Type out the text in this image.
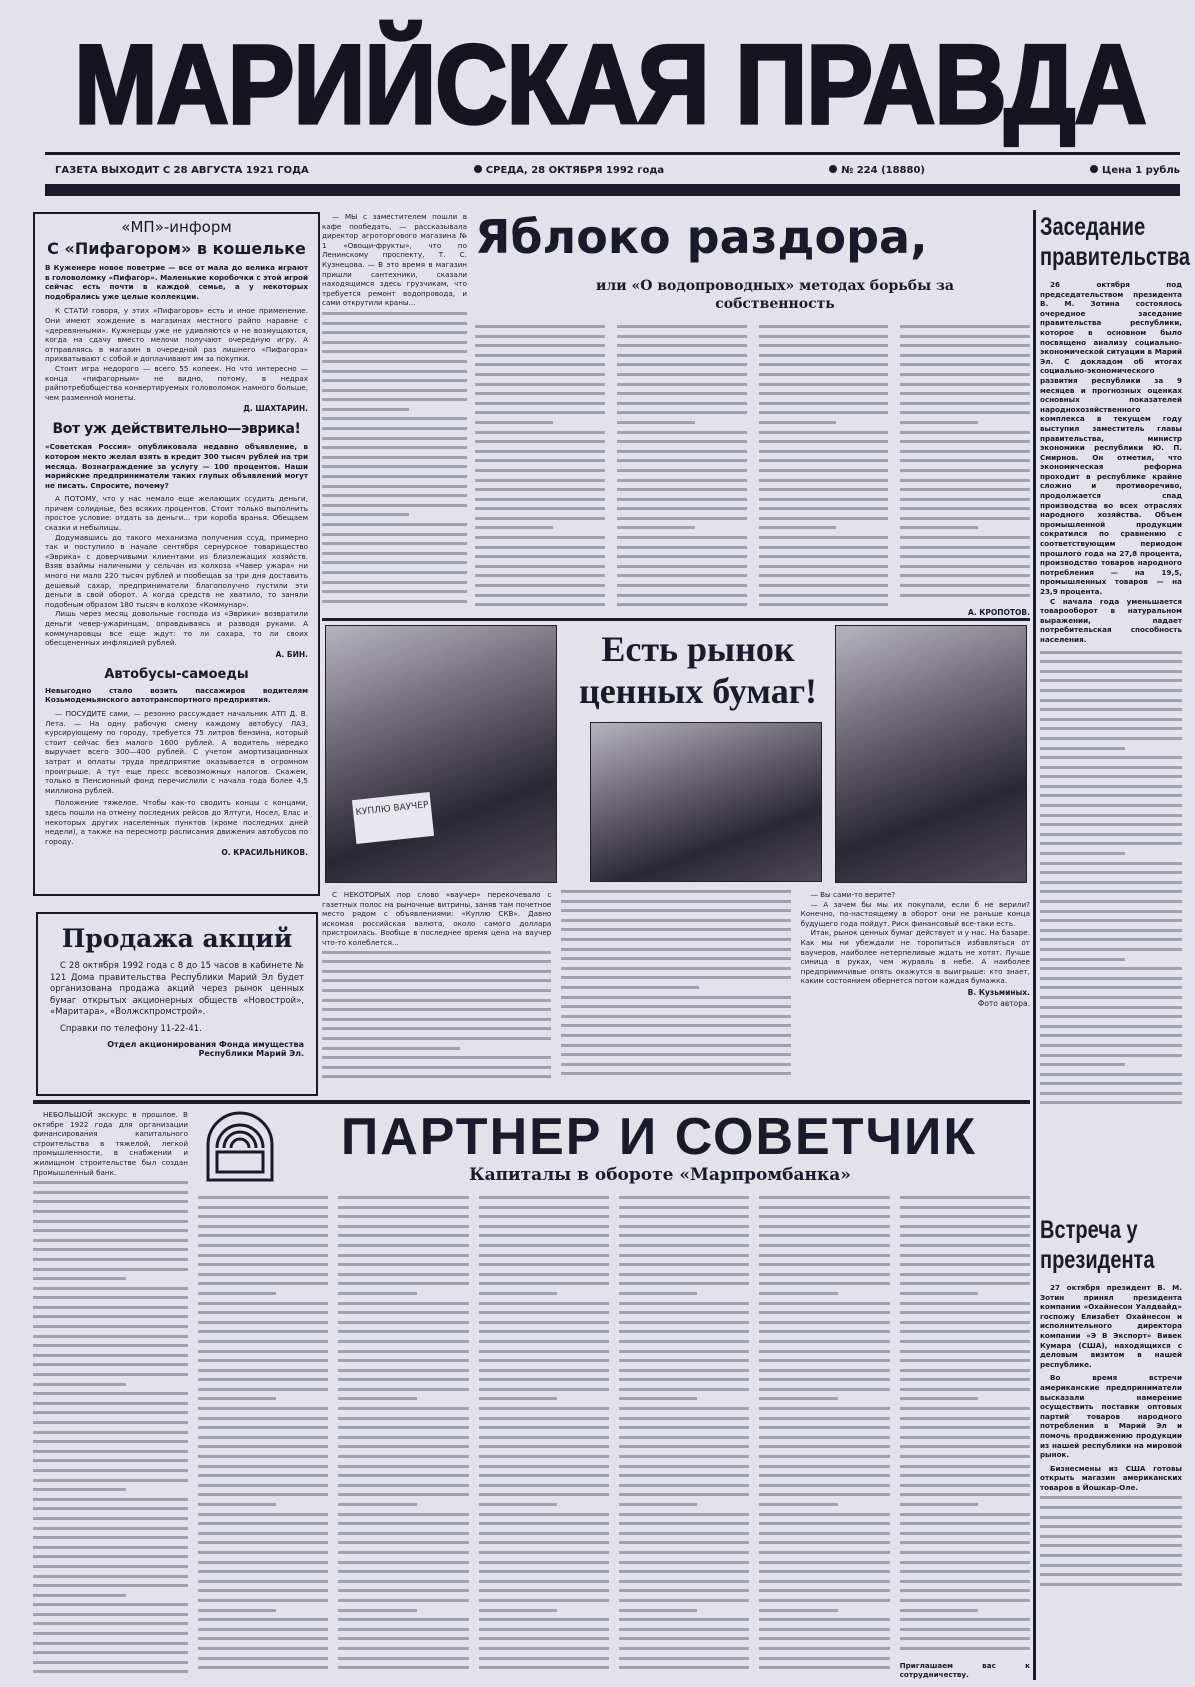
МАРИЙСКАЯ ПРАВДА
ГАЗЕТА ВЫХОДИТ С 28 АВГУСТА 1921 ГОДА	СРЕДА, 28 ОКТЯБРЯ 1992 года	№ 224 (18880)	Цена 1 рубль
«МП»-информ
С «Пифагором» в кошельке
В Куженере новое поветрие — все от мала до велика играют в головоломку «Пифагор». Маленькие коробочки с этой игрой сейчас есть почти в каждой семье, а у некоторых подобрались уже целые коллекции.
К СТАТИ говоря, у этих «Пифагоров» есть и иное применение. Они имеют хождение в магазинах местного райпо наравне с «деревянными». Кужнерцы уже не удивляются и не возмущаются, когда на сдачу вместо мелочи получают очередную игру. А отправляясь в магазин в очередной раз лишнего «Пифагора» прихватывают с собой и доплачивают им за покупки.
Стоит игра недорого — всего 55 копеек. Но что интересно — конца «пифагорным» не видно, потому, в недрах райпотребобщества конвертируемых головоломок намного больше, чем разменной монеты.
Д. ШАХТАРИН.
Вот уж действительно—эврика!
«Советская Россия» опубликовала недавно объявление, в котором некто желал взять в кредит 300 тысяч рублей на три месяца. Вознаграждение за услугу — 100 процентов. Наши марийские предприниматели таких глупых объявлений могут не писать. Спросите, почему?
А ПОТОМУ, что у нас немало еще желающих ссудить деньги, причем солидные, без всяких процентов. Стоит только выполнить простое условие: отдать за деньги... три короба вранья. Обещаем сказки и небылицы.
Додумавшись до такого механизма получения ссуд, примерно так и поступило в начале сентября сернурское товарищество «Эврика» с доверчивыми клиентами из близлежащих хозяйств. Взяв взаймы наличными у сельчан из колхоза «Чавер ужара» ни много ни мало 220 тысяч рублей и пообещав за три дня доставить дешевый сахар, предприниматели благополучно пустили эти деньги в свой оборот. А когда средств не хватило, то заняли подобным образом 180 тысяч в колхозе «Коммунар».
Лишь через месяц довольные господа из «Эврики» возвратили деньги чевер-ужаринцам, оправдываясь и разводя руками. А коммунаровцы все еще ждут: то ли сахара, то ли своих обесцененных инфляцией рублей.
А. БИН.
Автобусы-самоеды
Невыгодно стало возить пассажиров водителям Козьмодемьянского автотранспортного предприятия.
— ПОСУДИТЕ сами, — резонно рассуждает начальник АТП Д. В. Лета. — На одну рабочую смену каждому автобусу ЛАЗ, курсирующему по городу, требуется 75 литров бензина, который стоит сейчас без малого 1600 рублей. А водитель нередко выручает всего 300—400 рублей. С учетом амортизационных затрат и оплаты труда предприятие оказывается в огромном проигрыше. А тут еще пресс всевозможных налогов. Скажем, только в Пенсионный фонд перечислили с начала года более 4,5 миллиона рублей.
Положение тяжелое. Чтобы как-то сводить концы с концами, здесь пошли на отмену последних рейсов до Ялтуги, Носел, Елас и некоторых других населенных пунктов (кроме последних дней недели), а также на пересмотр расписания движения автобусов по городу.
О. КРАСИЛЬНИКОВ.
Продажа акций
С 28 октября 1992 года с 8 до 15 часов в кабинете № 121 Дома правительства Республики Марий Эл будет организована продажа акций через рынок ценных бумаг открытых акционерных обществ «Новострой», «Маритара», «Волжскпромстрой».
Справки по телефону 11-22-41.
Отдел акционирования Фонда имущества Республики Марий Эл.
— МЫ с заместителем пошли в кафе пообедать, — рассказывала директор агроторгового магазина № 1 «Овощи-фрукты», что по Ленинскому проспекту, Т. С. Кузнецова. — В это время в магазин пришли сантехники, сказали находящимся здесь грузчикам, что требуется ремонт водопровода, и сами открутили краны...
Яблоко раздора,
или «О водопроводных» методах борьбы за собственность
А. КРОПОТОВ.
Заседание правительства
26 октября под председательством президента В. М. Зотина состоялось очередное заседание правительства республики, которое в основном было посвящено анализу социально-экономической ситуации в Марий Эл. С докладом об итогах социально-экономического развития республики за 9 месяцев и прогнозных оценках основных показателей народнохозяйственного комплекса в текущем году выступил заместитель главы правительства, министр экономики республики Ю. П. Смирнов. Он отметил, что экономическая реформа проходит в республике крайне сложно и противоречиво, продолжается спад производства во всех отраслях народного хозяйства. Объем промышленной продукции сократился по сравнению с соответствующим периодом прошлого года на 27,8 процента, производство товаров народного потребления — на 19,5, промышленных товаров — на 23,9 процента.
С начала года уменьшается товарооборот в натуральном выражении, падает потребительская способность населения.
КУПЛЮ ВАУЧЕР
Есть рынок ценных бумаг!
С НЕКОТОРЫХ пор слово «ваучер» перекочевало с газетных полос на рыночные витрины, заняв там почетное место рядом с объявлениями: «Куплю СКВ». Давно искомая российская валюта, около самого доллара пристроилась. Вообще в последнее время цена на ваучер что-то колеблется...
— Вы сами-то верите?
— А зачем бы мы их покупали, если б не верили? Конечно, по-настоящему в оборот они не раньше конца будущего года пойдут. Риск финансовый все-таки есть.
Итак, рынок ценных бумаг действует и у нас. На базаре. Как мы ни убеждали не торопиться избавляться от ваучеров, наиболее нетерпеливые ждать не хотят. Лучше синица в руках, чем журавль в небе. А наиболее предприимчивые опять окажутся в выигрыше: кто знает, каким состоянием обернется потом каждая бумажка.
В. Кузьминых.
Фото автора.
НЕБОЛЬШОЙ экскурс в прошлое. В октябре 1922 года для организации финансирования капитального строительства в тяжелой, легкой промышленности, в снабжении и жилищном строительстве был создан Промышленный банк.
ПАРТНЕР И СОВЕТЧИК
Капиталы в обороте «Марпромбанка»
Приглашаем вас к сотрудничеству.
Встреча у президента
27 октября президент В. М. Зотин принял президента компании «Охайнесон Уалдвайд» госпожу Елизабет Охайнесон и исполнительного директора компании «Э В Экспорт» Вивек Кумара (США), находящихся с деловым визитом в нашей республике.
Во время встречи американские предприниматели высказали намерение осуществить поставки оптовых партий товаров народного потребления в Марий Эл и помочь продвижению продукции из нашей республики на мировой рынок.
Бизнесмены из США готовы открыть магазин американских товаров в Йошкар-Оле.
